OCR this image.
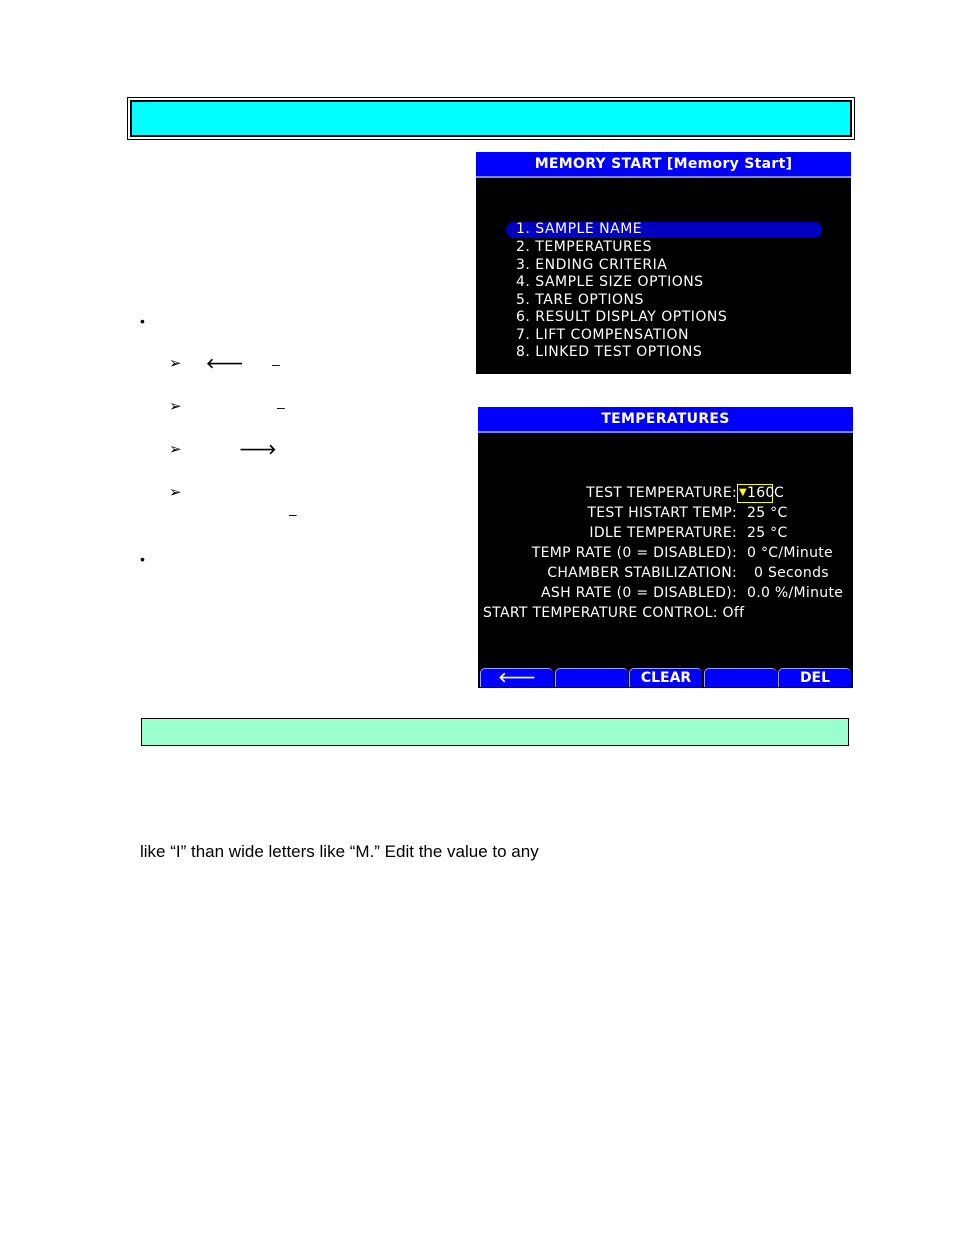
•
➢ 🡐 –
➢	–
➢	🡒
➢
–
•
MEMORY START [Memory Start]
1. SAMPLE NAME
2. TEMPERATURES
3. ENDING CRITERIA
4. SAMPLE SIZE OPTIONS
5. TARE OPTIONS
6. RESULT DISPLAY OPTIONS
7. LIFT COMPENSATION
8. LINKED TEST OPTIONS
TEMPERATURES
TEST TEMPERATURE: ▼160 C
TEST HISTART TEMP: 25 °C
IDLE TEMPERATURE: 25 °C
TEMP RATE (0 = DISABLED): 0 °C/Minute
CHAMBER STABILIZATION: 0 Seconds
ASH RATE (0 = DISABLED): 0.0 %/Minute
START TEMPERATURE CONTROL: Off
🡐 DEL
CLEAR	DEL 🡒
like “I” than wide letters like “M.” Edit the value to any
